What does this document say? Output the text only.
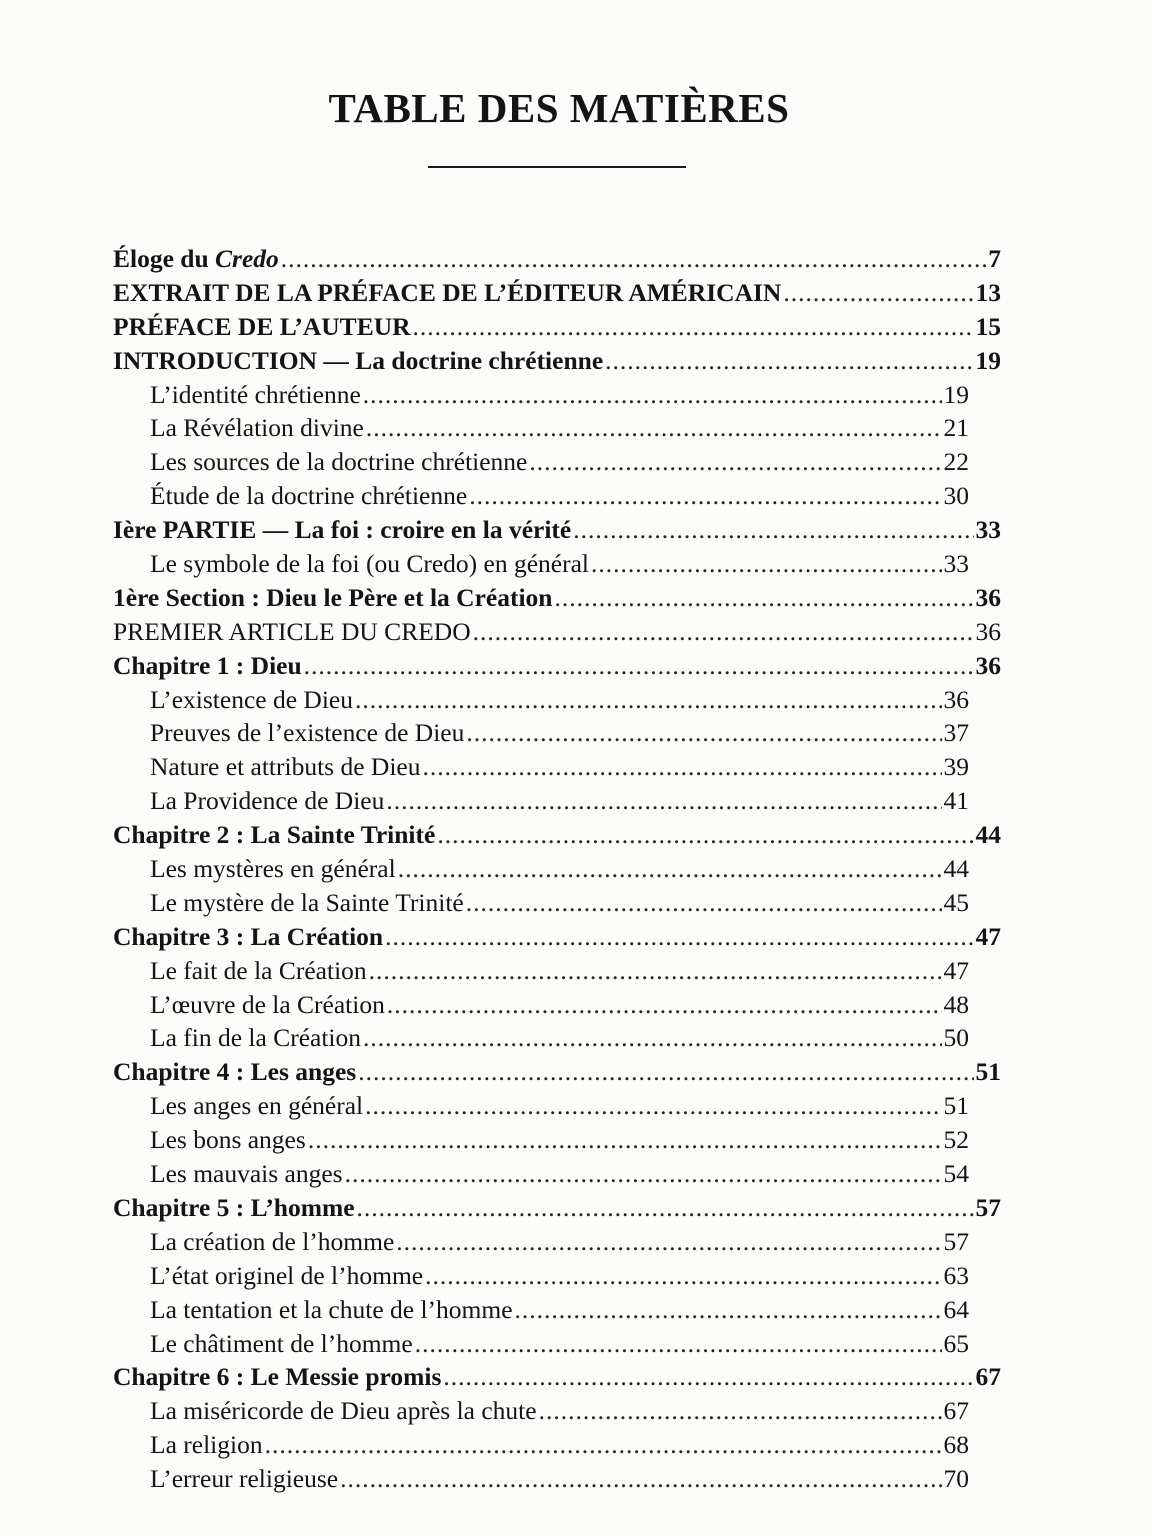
TABLE DES MATIÈRES
Éloge du Credo .....	7
EXTRAIT DE LA PRÉFACE DE L’ÉDITEUR AMÉRICAIN .....	13
PRÉFACE DE L’AUTEUR .....	15
INTRODUCTION — La doctrine chrétienne .....	19
L’identité chrétienne .....	19
La Révélation divine .....	21
Les sources de la doctrine chrétienne .....	22
Étude de la doctrine chrétienne .....	30
Ière PARTIE — La foi : croire en la vérité .....	33
Le symbole de la foi (ou Credo) en général .....	33
1ère Section : Dieu le Père et la Création .....	36
PREMIER ARTICLE DU CREDO .....	36
Chapitre 1 : Dieu .....	36
L’existence de Dieu .....	36
Preuves de l’existence de Dieu .....	37
Nature et attributs de Dieu .....	39
La Providence de Dieu .....	41
Chapitre 2 : La Sainte Trinité .....	44
Les mystères en général .....	44
Le mystère de la Sainte Trinité .....	45
Chapitre 3 : La Création .....	47
Le fait de la Création .....	47
L’œuvre de la Création .....	48
La fin de la Création .....	50
Chapitre 4 : Les anges .....	51
Les anges en général .....	51
Les bons anges .....	52
Les mauvais anges .....	54
Chapitre 5 : L’homme .....	57
La création de l’homme .....	57
L’état originel de l’homme .....	63
La tentation et la chute de l’homme .....	64
Le châtiment de l’homme .....	65
Chapitre 6 : Le Messie promis .....	67
La miséricorde de Dieu après la chute .....	67
La religion .....	68
L’erreur religieuse .....	70
